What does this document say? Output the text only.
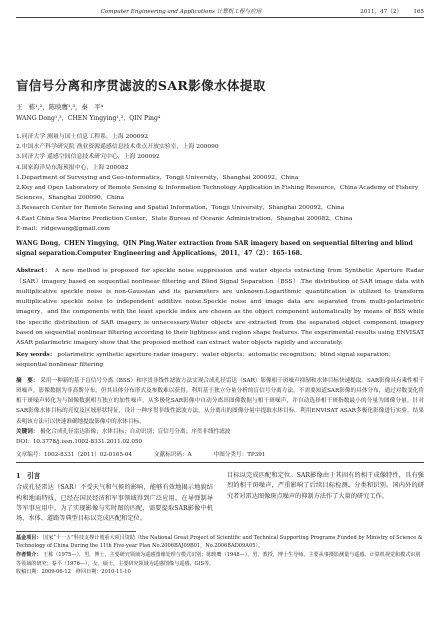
Computer Engineering and Applications 计算机工程与应用	2011，47（2）	165
盲信号分离和序贯滤波的SAR影像水体提取
王　栋¹,²，陈映鹰¹,³，秦　平⁴
WANG Dong¹,²，CHEN Yingying¹,³，QIN Ping⁴
1.同济大学 测量与国土信息工程系，上海 200092
2.中国水产科学研究院 渔业资源遥感信息技术重点开放实验室，上海 200090
3.同济大学 遥感空间信息技术研究中心，上海 200092
4.国家海洋局东海预报中心，上海 200082
1.Department of Surveying and Geo-informatics，Tongji University，Shanghai 200092，China
2.Key and Open Laboratory of Remote Sensing & Information Technology Application in Fishing Resource，China Academy of Fishery Sciences，Shanghai 200090，China
3.Research Center for Remote Sensing and Spatial Information，Tongji University，Shanghai 200092，China
4.East China Sea Marine Prediction Center，State Bureau of Oceanic Administration，Shanghai 200082，China
E-mail：ridgewang@gmail.com
WANG Dong，CHEN Yingying，QIN Ping.Water extraction from SAR imagery based on sequential filtering and blind signal separation.Computer Engineering and Applications，2011，47（2）：165-168.
Abstract： A new method is proposed for speckle noise suppression and water objects extracting from Synthetic Aperture Radar（SAR）imagery based on sequential nonlinear filtering and Blind Signal Separation（BSS）.The distribution of SAR image data with multiplicative speckle noise is non-Gaussian and its parameters are unknown.Logarithmic quantification is utilized to transform multiplicative speckle noise to independent additive noise.Speckle noise and image data are separated from multi-polarimetric imagery，and the components with the least speckle index are chosen as the object component automatically by means of BSS while the specific distribution of SAR imagery is unnecessary.Water objects are extracted from the separated object component imagery based on sequential nonlinear filtering according to their lightness and region shape features. The experimental results using ENVISAT ASAR polarimetric imagery show that the proposed method can extract water objects rapidly and accurately.
Key words： polarimetric synthetic aperture radar imagery；water objects；automatic recognition；blind signal separation；sequential nonlinear filtering
摘　要： 采用一种新的基于盲信号分离（BSS）和序贯非线性滤波方法实现合成孔径雷达（SAR）影像相干斑噪声抑制和水体目标快速提取。SAR影像具有乘性相干斑噪声，影像数据为非高斯分布，但其具体分布形式及参数难以获得。利用基于独立分量分析的盲信号分离方法，不需要知道SAR影像的具体分布，通过对数变化将相干斑噪声转化为与图像数据相互独立的加性噪声，从多极化SAR影像中自动分离出图像数据与相干斑噪声，并自动选择相干斑指数最小的分量为图像分量。针对SAR影像水体目标的亮度及区域形状特征，设计一种序贯非线性滤波方法，从分离出的图像分量中提取水体目标。利用ENVISAT ASAR多极化影像进行实验，结果表明该方法可以快速准确地提取影像中的水体目标。
关键词： 极化合成孔径雷达影像；水体目标；自动识别；盲信号分离；序贯非线性滤波
DOI：10.3778/j.issn.1002-8331.2011.02.050
文章编号：1002-8331（2011）02-0165-04	文献标识码：A	中图分类号：TP391
1　引言
合成孔径雷达（SAR）不受天气和气候的影响，能够有效地揭示地貌结构和地面特质，已经在国民经济和军事领域得到广泛应用。在导弹制导等军事应用中，为了实现影像与实时图的匹配，需要提取SAR影像中机场、水体、道路等典型目标以完成匹配和定位。
目标以完成匹配和定位。SAR影像由于其固有的相干成像特性，具有强烈的相干斑噪声，严重影响了后续目标检测、分类和识别。国内外的研究者对雷达图像斑点噪声的抑制方法作了大量的研究工作。
基金项目： 国家“十一五”科技支撑计划重大项目资助（the National Great Project of Scientific and Technical Supporting Programs Funded by Ministry of Science & Technology of China During the 11th Five-year Plan No.2006BAJ09B01，No.2006BAD09A05）。
作者简介： 王栋（1975—），男，博士，主要研究领域为遥感图像处理与模式识别；陈映鹰（1948—），男，教授，博士生导师，主要从事摄影测量与遥感、计算机视觉和模式识别等领域的研究；秦平（1976—），女，硕士，主要研究领域为遥感图像与遥感、GIS等。
收稿日期：2009-06-12　修回日期：2010-11-10
